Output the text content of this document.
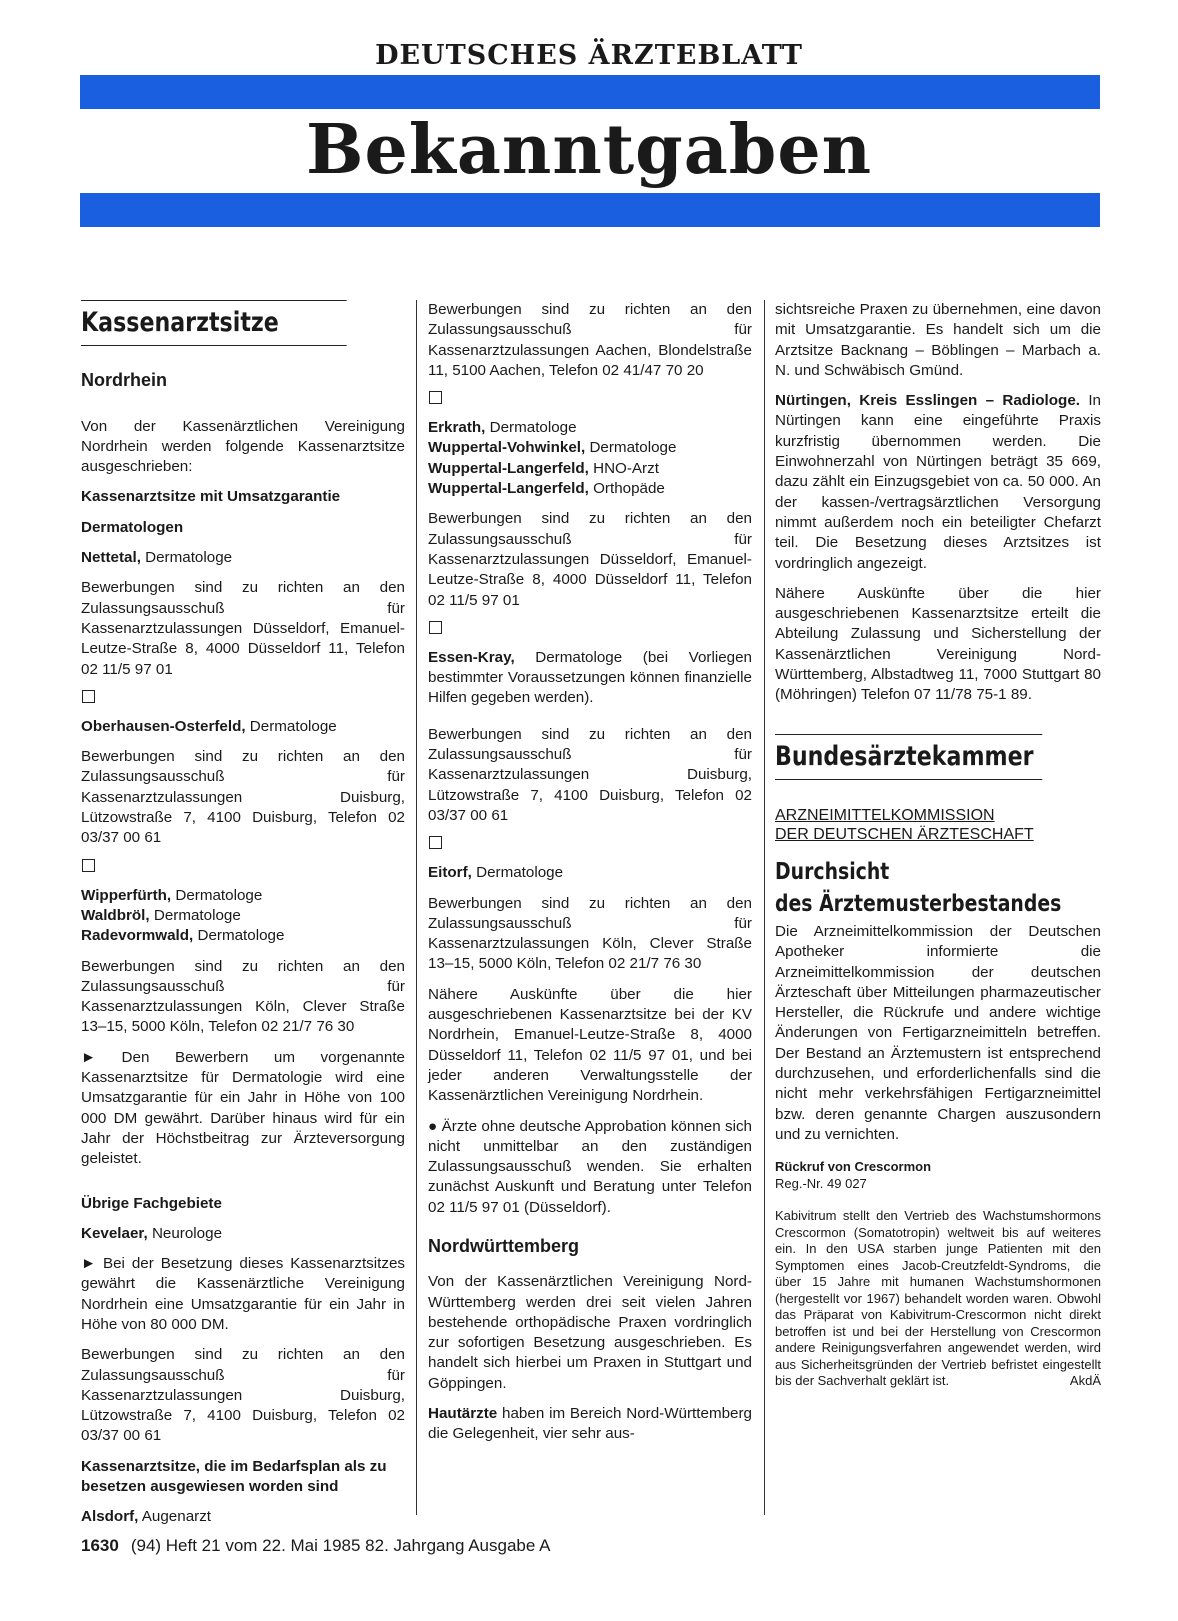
DEUTSCHES ÄRZTEBLATT
Bekanntgaben
Kassenarztsitze
Nordrhein

Von der Kassenärztlichen Vereinigung Nordrhein werden folgende Kassenarztsitze ausgeschrieben:

Kassenarztsitze mit Umsatzgarantie

Dermatologen

Nettetal, Dermatologe

Bewerbungen sind zu richten an den Zulassungsausschuß für Kassenarztzulassungen Düsseldorf, Emanuel-Leutze-Straße 8, 4000 Düsseldorf 11, Telefon 02 11/5 97 01

Oberhausen-Osterfeld, Dermatologe

Bewerbungen sind zu richten an den Zulassungsausschuß für Kassenarztzulassungen Duisburg, Lützowstraße 7, 4100 Duisburg, Telefon 02 03/37 00 61

Wipperfürth, Dermatologe
Waldbröl, Dermatologe
Radevormwald, Dermatologe

Bewerbungen sind zu richten an den Zulassungsausschuß für Kassenarztzulassungen Köln, Clever Straße 13–15, 5000 Köln, Telefon 02 21/7 76 30

► Den Bewerbern um vorgenannte Kassenarztsitze für Dermatologie wird eine Umsatzgarantie für ein Jahr in Höhe von 100 000 DM gewährt. Darüber hinaus wird für ein Jahr der Höchstbeitrag zur Ärzteversorgung geleistet.

Übrige Fachgebiete

Kevelaer, Neurologe

► Bei der Besetzung dieses Kassenarztsitzes gewährt die Kassenärztliche Vereinigung Nordrhein eine Umsatzgarantie für ein Jahr in Höhe von 80 000 DM.

Bewerbungen sind zu richten an den Zulassungsausschuß für Kassenarztzulassungen Duisburg, Lützowstraße 7, 4100 Duisburg, Telefon 02 03/37 00 61

Kassenarztsitze, die im Bedarfsplan als zu besetzen ausgewiesen worden sind

Alsdorf, Augenarzt

Bewerbungen sind zu richten an den Zulassungsausschuß für Kassenarztzulassungen Aachen, Blondelstraße 11, 5100 Aachen, Telefon 02 41/47 70 20

Erkrath, Dermatologe
Wuppertal-Vohwinkel, Dermatologe
Wuppertal-Langerfeld, HNO-Arzt
Wuppertal-Langerfeld, Orthopäde

Bewerbungen sind zu richten an den Zulassungsausschuß für Kassenarztzulassungen Düsseldorf, Emanuel-Leutze-Straße 8, 4000 Düsseldorf 11, Telefon 02 11/5 97 01

Essen-Kray, Dermatologe (bei Vorliegen bestimmter Voraussetzungen können finanzielle Hilfen gegeben werden).

Bewerbungen sind zu richten an den Zulassungsausschuß für Kassenarztzulassungen Duisburg, Lützowstraße 7, 4100 Duisburg, Telefon 02 03/37 00 61

Eitorf, Dermatologe

Bewerbungen sind zu richten an den Zulassungsausschuß für Kassenarztzulassungen Köln, Clever Straße 13–15, 5000 Köln, Telefon 02 21/7 76 30

Nähere Auskünfte über die hier ausgeschriebenen Kassenarztsitze bei der KV Nordrhein, Emanuel-Leutze-Straße 8, 4000 Düsseldorf 11, Telefon 02 11/5 97 01, und bei jeder anderen Verwaltungsstelle der Kassenärztlichen Vereinigung Nordrhein.

● Ärzte ohne deutsche Approbation können sich nicht unmittelbar an den zuständigen Zulassungsausschuß wenden. Sie erhalten zunächst Auskunft und Beratung unter Telefon 02 11/5 97 01 (Düsseldorf).

Nordwürttemberg

Von der Kassenärztlichen Vereinigung Nord-Württemberg werden drei seit vielen Jahren bestehende orthopädische Praxen vordringlich zur sofortigen Besetzung ausgeschrieben. Es handelt sich hierbei um Praxen in Stuttgart und Göppingen.

Hautärzte haben im Bereich Nord-Württemberg die Gelegenheit, vier sehr aus-

sichtsreiche Praxen zu übernehmen, eine davon mit Umsatzgarantie. Es handelt sich um die Arztsitze Backnang – Böblingen – Marbach a. N. und Schwäbisch Gmünd.

Nürtingen, Kreis Esslingen – Radiologe. In Nürtingen kann eine eingeführte Praxis kurzfristig übernommen werden. Die Einwohnerzahl von Nürtingen beträgt 35 669, dazu zählt ein Einzugsgebiet von ca. 50 000. An der kassen-/vertragsärztlichen Versorgung nimmt außerdem noch ein beteiligter Chefarzt teil. Die Besetzung dieses Arztsitzes ist vordringlich angezeigt.

Nähere Auskünfte über die hier ausgeschriebenen Kassenarztsitze erteilt die Abteilung Zulassung und Sicherstellung der Kassenärztlichen Vereinigung Nord-Württemberg, Albstadtweg 11, 7000 Stuttgart 80 (Möhringen) Telefon 07 11/78 75-1 89.

Bundesärztekammer
ARZNEIMITTELKOMMISSION
DER DEUTSCHEN ÄRZTESCHAFT
Durchsicht
des Ärztemusterbestandes

Die Arzneimittelkommission der Deutschen Apotheker informierte die Arzneimittelkommission der deutschen Ärzteschaft über Mitteilungen pharmazeutischer Hersteller, die Rückrufe und andere wichtige Änderungen von Fertigarzneimitteln betreffen. Der Bestand an Ärztemustern ist entsprechend durchzusehen, und erforderlichenfalls sind die nicht mehr verkehrsfähigen Fertigarzneimittel bzw. deren genannte Chargen auszusondern und zu vernichten.

Rückruf von Crescormon
Reg.-Nr. 49 027

Kabivitrum stellt den Vertrieb des Wachstumshormons Crescormon (Somatotropin) weltweit bis auf weiteres ein. In den USA starben junge Patienten mit den Symptomen eines Jacob-Creutzfeldt-Syndroms, die über 15 Jahre mit humanen Wachstumshormonen (hergestellt vor 1967) behandelt worden waren. Obwohl das Präparat von Kabivitrum-Crescormon nicht direkt betroffen ist und bei der Herstellung von Crescormon andere Reinigungsverfahren angewendet werden, wird aus Sicherheitsgründen der Vertrieb befristet eingestellt bis der Sachverhalt geklärt ist.	AkdÄ

1630 (94) Heft 21 vom 22. Mai 1985 82. Jahrgang Ausgabe A
